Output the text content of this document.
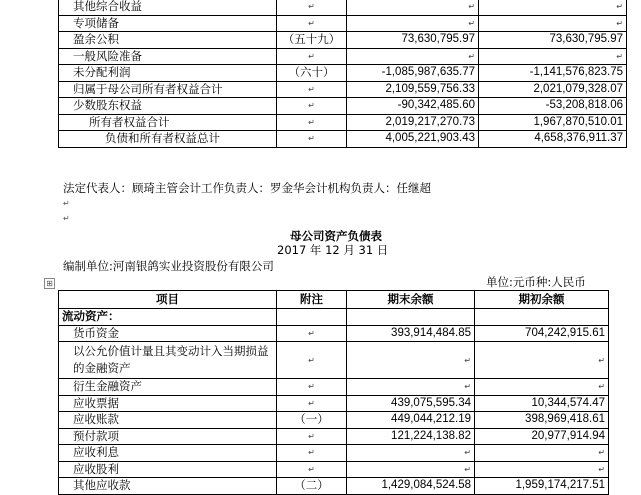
其他综合收益	↵	↵	↵
专项储备	↵	↵	↵
盈余公积	（五十九）	73,630,795.97	73,630,795.97
一般风险准备	↵	↵	↵
未分配利润	（六十）	-1,085,987,635.77	-1,141,576,823.75
归属于母公司所有者权益合计	↵	2,109,559,756.33	2,021,079,328.07
少数股东权益	↵	-90,342,485.60	-53,208,818.06
所有者权益合计	↵	2,019,217,270.73	1,967,870,510.01
负债和所有者权益总计	↵	4,005,221,903.43	4,658,376,911.37
法定代表人：顾琦主管会计工作负责人：罗金华会计机构负责人：任继超
↵
↵
母公司资产负债表
2017 年 12 月 31 日
编制单位:河南银鸽实业投资股份有限公司
单位:元币种:人民币
⊞
项目	附注	期末余额	期初余额
流动资产：			
货币资金	↵	393,914,484.85	704,242,915.61
以公允价值计量且其变动计入当期损益的金融资产	↵	↵	↵
衍生金融资产	↵	↵	↵
应收票据	↵	439,075,595.34	10,344,574.47
应收账款	（一）	449,044,212.19	398,969,418.61
预付款项	↵	121,224,138.82	20,977,914.94
应收利息	↵	↵	↵
应收股利	↵	↵	↵
其他应收款	（二）	1,429,084,524.58	1,959,174,217.51
